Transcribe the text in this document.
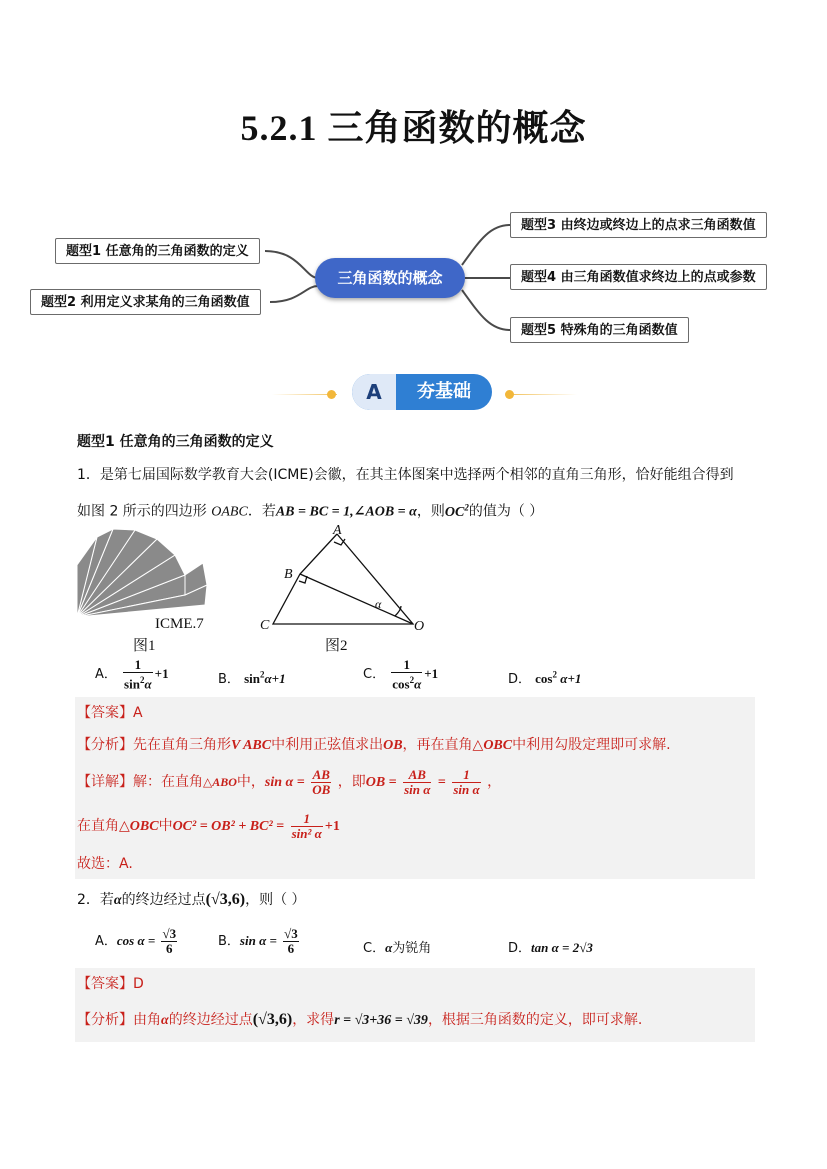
5.2.1 三角函数的概念
题型1 任意角的三角函数的定义
题型2 利用定义求某角的三角函数值
三角函数的概念
题型3 由终边或终边上的点求三角函数值
题型4 由三角函数值求终边上的点或参数
题型5 特殊角的三角函数值
A	夯基础
题型1 任意角的三角函数的定义
1．是第七届国际数学教育大会(ICME)会徽，在其主体图案中选择两个相邻的直角三角形，恰好能组合得到
如图 2 所示的四边形 OABC．若AB = BC = 1,∠AOB = α，则$OC^2$的值为（ ）
ICME.7
图1
A
B
C	O
α
图2
A． $\frac{1}{\sin^2\alpha} +1$	B． $\sin^2\alpha+1$	C． $\frac{1}{\cos^2\alpha} +1$	D． $\cos^2 \alpha+1$
【答案】A
【分析】先在直角三角形V ABC中利用正弦值求出OB，再在直角△OBC中利用勾股定理即可求解.
【详解】解：在直角△ABO中，$\sin \alpha = \frac{AB}{OB}$ ，即OB = $\frac{AB}{\text{sin α}} = \frac{1}{\text{sin α}}$ ，
在直角△OBC中$OC^2 = OB^2 + BC^2 = \frac{1}{\text{sin² α}} +1$
故选：A.
2．若α的终边经过点(√3,6)，则（ ）
A．$\cos \alpha = \frac{√3}{6}$	B．$\sin \alpha = \frac{√3}{6}$	C．α为锐角	D．tan α = 2√3
【答案】D
【分析】由角α的终边经过点(√3,6)，求得r = √3+36 = √39，根据三角函数的定义，即可求解.
